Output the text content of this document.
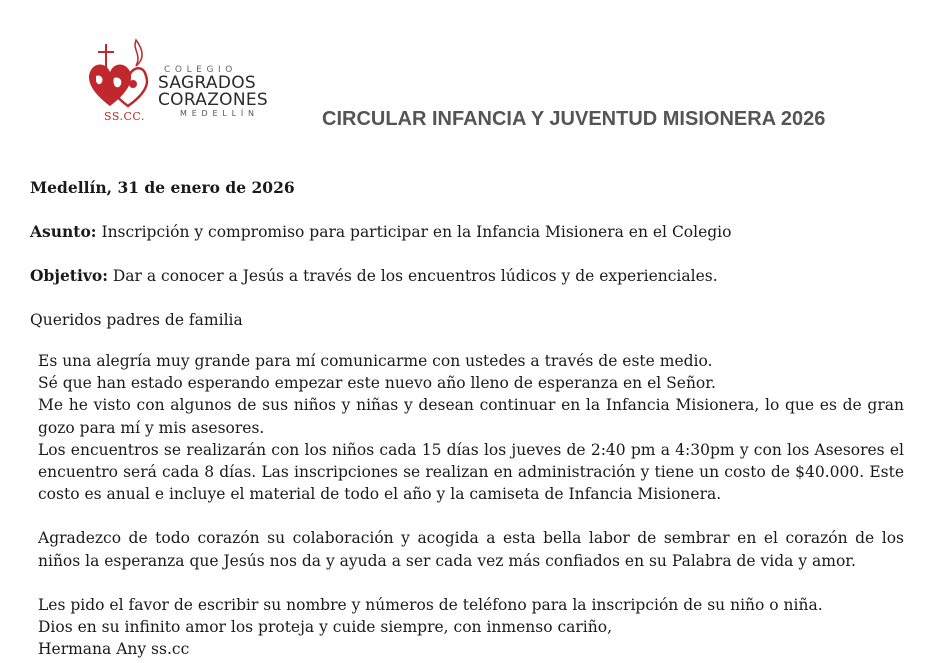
COLEGIO
SAGRADOS
CORAZONES
MEDELLÍN
SS.CC.	CIRCULAR INFANCIA Y JUVENTUD MISIONERA 2026
Medellín, 31 de enero de 2026
Asunto: Inscripción y compromiso para participar en la Infancia Misionera en el Colegio
Objetivo: Dar a conocer a Jesús a través de los encuentros lúdicos y de experienciales.
Queridos padres de familia

Es una alegría muy grande para mí comunicarme con ustedes a través de este medio.

Sé que han estado esperando empezar este nuevo año lleno de esperanza en el Señor.

Me he visto con algunos de sus niños y niñas y desean continuar en la Infancia Misionera, lo que es de gran gozo para mí y mis asesores.

Los encuentros se realizarán con los niños cada 15 días los jueves de 2:40 pm a 4:30pm y con los Asesores el encuentro será cada 8 días. Las inscripciones se realizan en administración y tiene un costo de $40.000. Este costo es anual e incluye el material de todo el año y la camiseta de Infancia Misionera.

Agradezco de todo corazón su colaboración y acogida a esta bella labor de sembrar en el corazón de los niños la esperanza que Jesús nos da y ayuda a ser cada vez más confiados en su Palabra de vida y amor.

Les pido el favor de escribir su nombre y números de teléfono para la inscripción de su niño o niña.

Dios en su infinito amor los proteja y cuide siempre, con inmenso cariño,

Hermana Any ss.cc
